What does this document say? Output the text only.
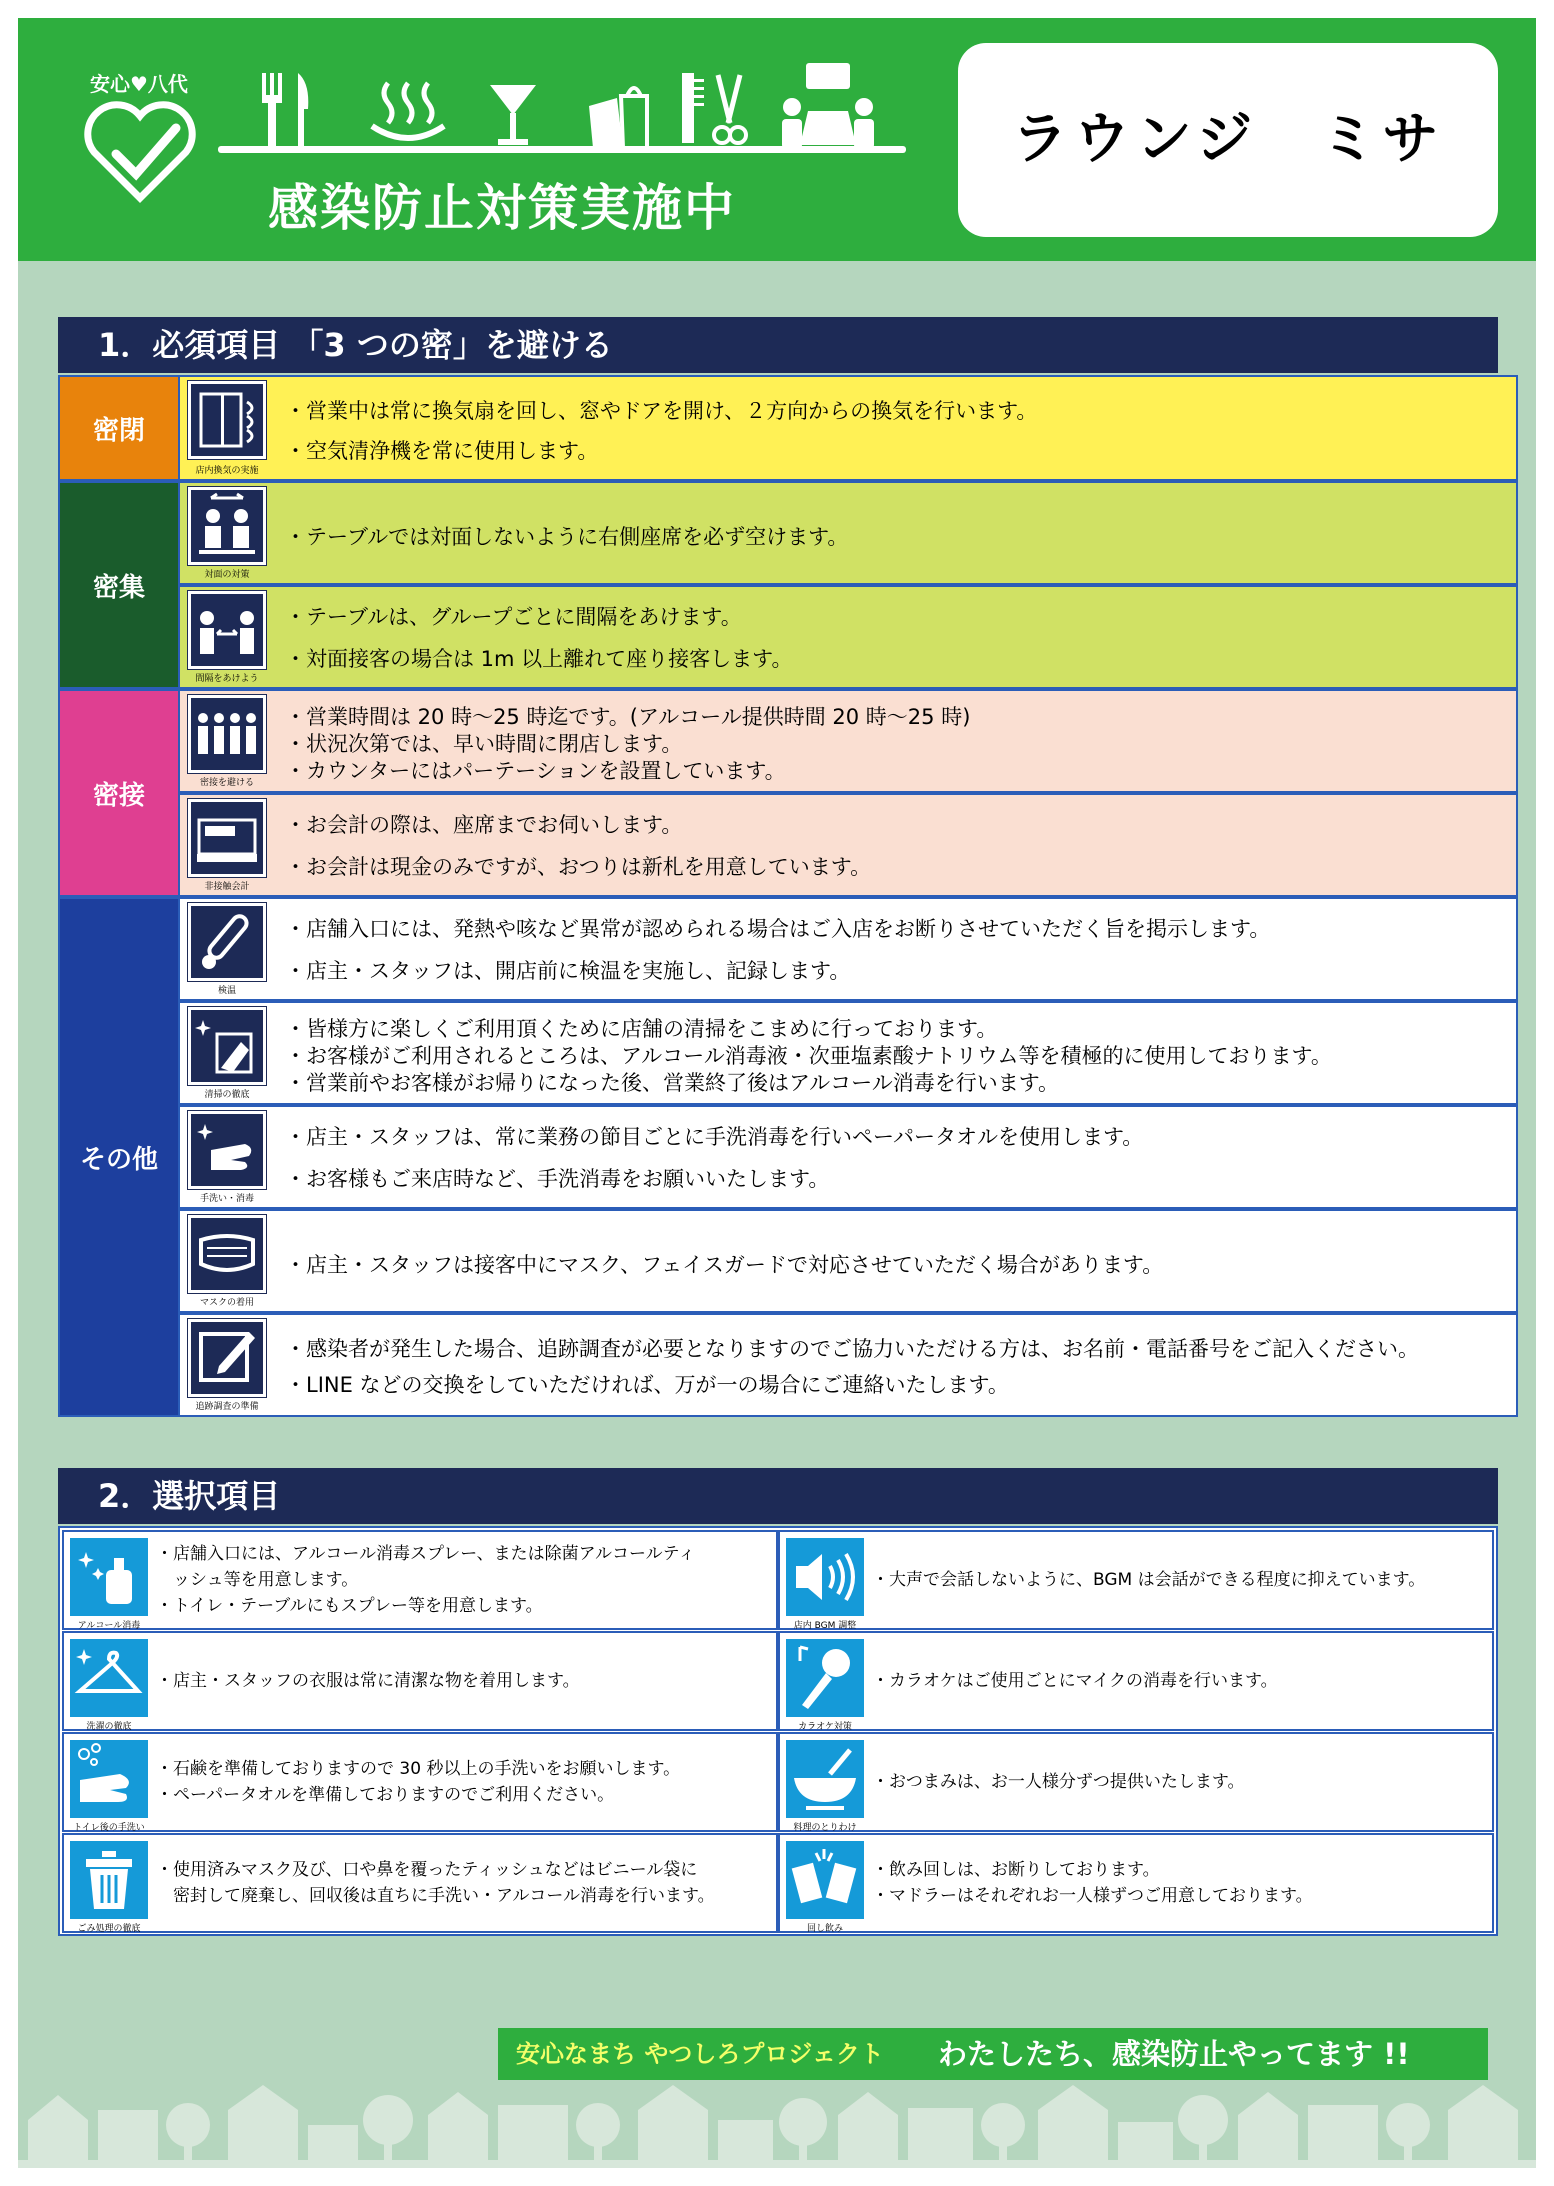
安心♥八代
感染防止対策実施中
ラウンジ　ミサ
1．必須項目 「3 つの密」を避ける
密閉
密集
密接
その他
店内換気の実施
・営業中は常に換気扇を回し、窓やドアを開け、２方向からの換気を行います。
・空気清浄機を常に使用します。
対面の対策
・テーブルでは対面しないように右側座席を必ず空けます。
間隔をあけよう
・テーブルは、グループごとに間隔をあけます。
・対面接客の場合は 1m 以上離れて座り接客します。
密接を避ける
・営業時間は 20 時～25 時迄です。(アルコール提供時間 20 時～25 時)
・状況次第では、早い時間に閉店します。
・カウンターにはパーテーションを設置しています。
非接触会計
・お会計の際は、座席までお伺いします。
・お会計は現金のみですが、おつりは新札を用意しています。
検温
・店舗入口には、発熱や咳など異常が認められる場合はご入店をお断りさせていただく旨を掲示します。
・店主・スタッフは、開店前に検温を実施し、記録します。
清掃の徹底
・皆様方に楽しくご利用頂くために店舗の清掃をこまめに行っております。
・お客様がご利用されるところは、アルコール消毒液・次亜塩素酸ナトリウム等を積極的に使用しております。
・営業前やお客様がお帰りになった後、営業終了後はアルコール消毒を行います。
手洗い・消毒
・店主・スタッフは、常に業務の節目ごとに手洗消毒を行いペーパータオルを使用します。
・お客様もご来店時など、手洗消毒をお願いいたします。
マスクの着用
・店主・スタッフは接客中にマスク、フェイスガードで対応させていただく場合があります。
追跡調査の準備
・感染者が発生した場合、追跡調査が必要となりますのでご協力いただける方は、お名前・電話番号をご記入ください。
・LINE などの交換をしていただければ、万が一の場合にご連絡いたします。
2．選択項目
アルコール消毒
・店舗入口には、アルコール消毒スプレー、または除菌アルコールティ
　ッシュ等を用意します。
・トイレ・テーブルにもスプレー等を用意します。
店内 BGM 調整
・大声で会話しないように、BGM は会話ができる程度に抑えています。
洗濯の徹底
・店主・スタッフの衣服は常に清潔な物を着用します。
カラオケ対策
・カラオケはご使用ごとにマイクの消毒を行います。
トイレ後の手洗い
・石鹸を準備しておりますので 30 秒以上の手洗いをお願いします。
・ペーパータオルを準備しておりますのでご利用ください。
料理のとりわけ
・おつまみは、お一人様分ずつ提供いたします。
ごみ処理の徹底
・使用済みマスク及び、口や鼻を覆ったティッシュなどはビニール袋に
　密封して廃棄し、回収後は直ちに手洗い・アルコール消毒を行います。
回し飲み
・飲み回しは、お断りしております。
・マドラーはそれぞれお一人様ずつご用意しております。
安心なまち やつしろプロジェクト わたしたち、感染防止やってます !!
